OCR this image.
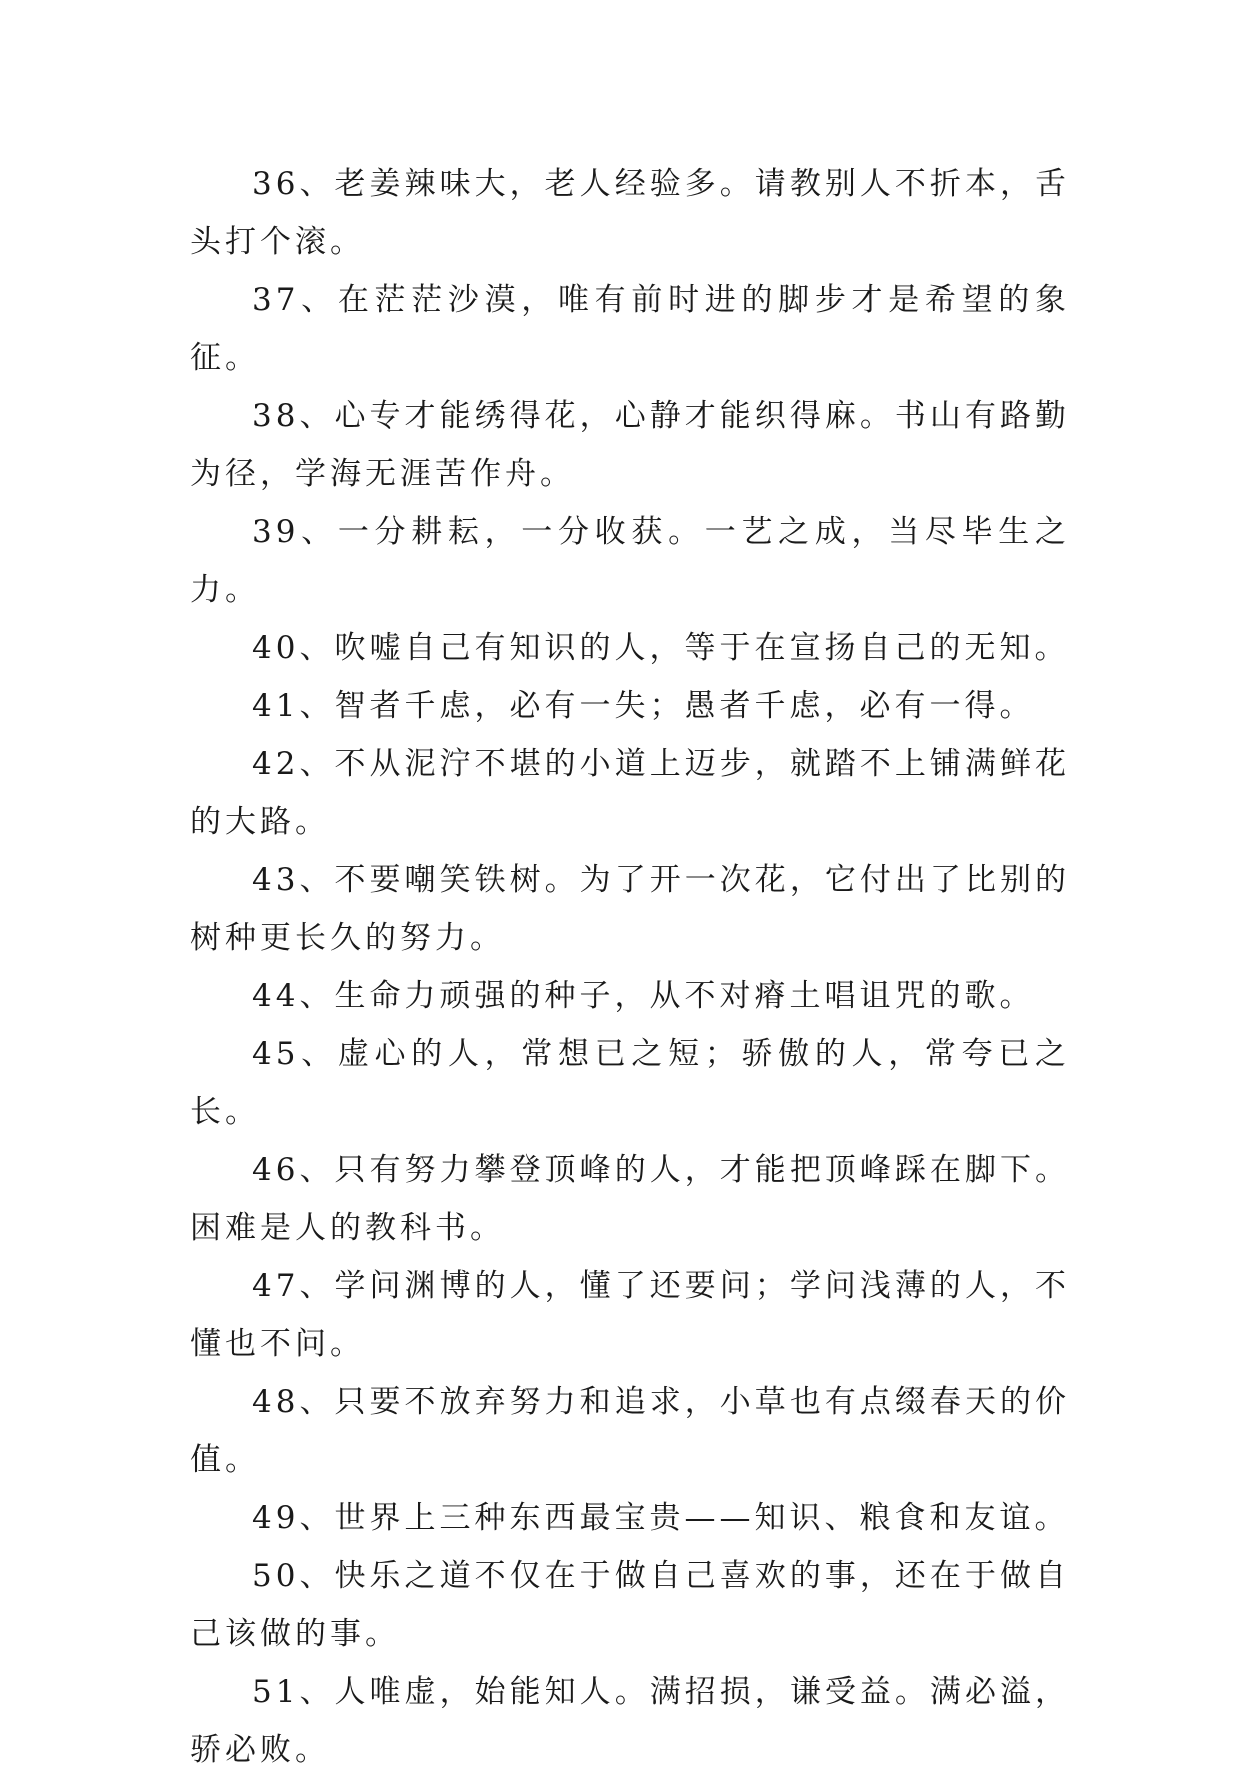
36、老姜辣味大，老人经验多。请教别人不折本，舌头打个滚。

37、在茫茫沙漠，唯有前时进的脚步才是希望的象征。

38、心专才能绣得花，心静才能织得麻。书山有路勤为径，学海无涯苦作舟。

39、一分耕耘，一分收获。一艺之成，当尽毕生之力。

40、吹嘘自己有知识的人，等于在宣扬自己的无知。

41、智者千虑，必有一失；愚者千虑，必有一得。

42、不从泥泞不堪的小道上迈步，就踏不上铺满鲜花的大路。

43、不要嘲笑铁树。为了开一次花，它付出了比别的树种更长久的努力。

44、生命力顽强的种子，从不对瘠土唱诅咒的歌。

45、虚心的人，常想已之短；骄傲的人，常夸已之长。

46、只有努力攀登顶峰的人，才能把顶峰踩在脚下。困难是人的教科书。

47、学问渊博的人，懂了还要问；学问浅薄的人，不懂也不问。

48、只要不放弃努力和追求，小草也有点缀春天的价值。

49、世界上三种东西最宝贵——知识、粮食和友谊。

50、快乐之道不仅在于做自己喜欢的事，还在于做自己该做的事。

51、人唯虚，始能知人。满招损，谦受益。满必溢，骄必败。
